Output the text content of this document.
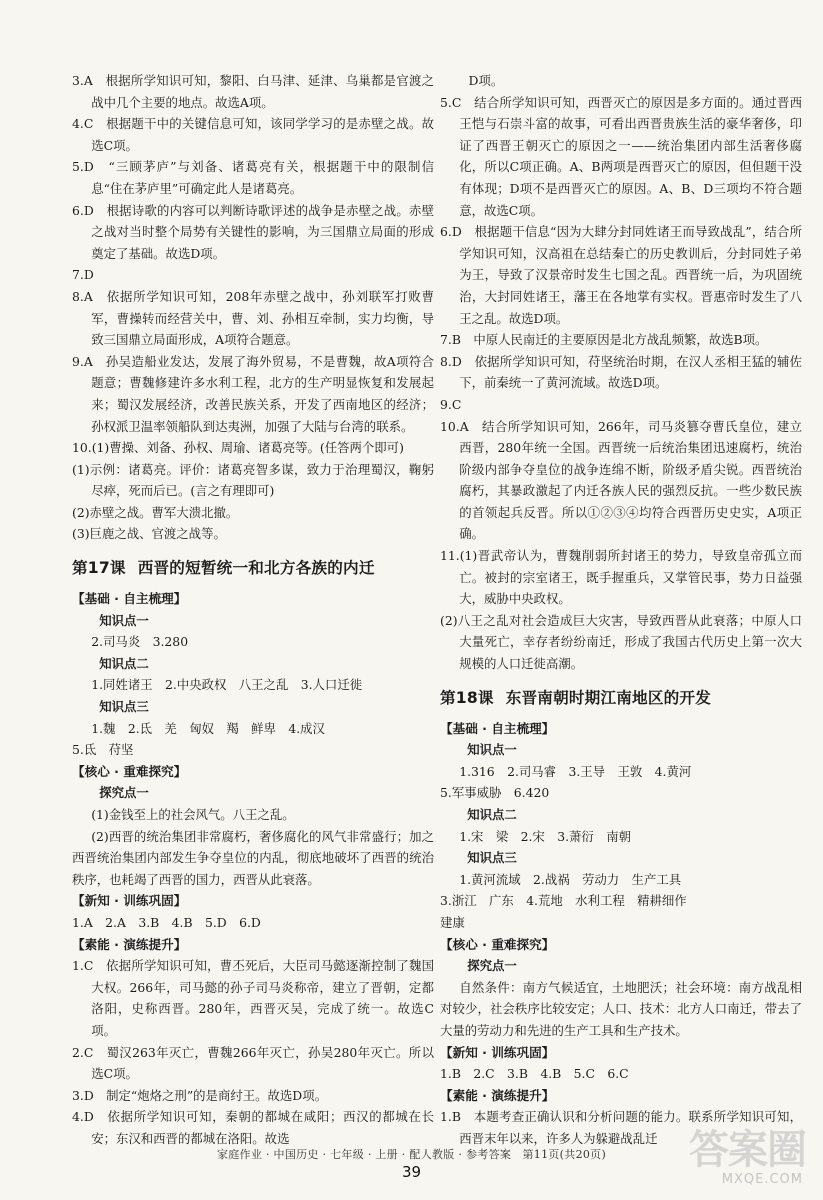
3.A　根据所学知识可知，黎阳、白马津、延津、乌巢都是官渡之战中几个主要的地点。故选A项。

4.C　根据题干中的关键信息可知，该同学学习的是赤壁之战。故选C项。

5.D　“三顾茅庐”与刘备、诸葛亮有关，根据题干中的限制信息“住在茅庐里”可确定此人是诸葛亮。

6.D　根据诗歌的内容可以判断诗歌评述的战争是赤壁之战。赤壁之战对当时整个局势有关键性的影响，为三国鼎立局面的形成奠定了基础。故选D项。

7.D

8.A　依据所学知识可知，208年赤壁之战中，孙刘联军打败曹军，曹操转而经营关中，曹、刘、孙相互牵制，实力均衡，导致三国鼎立局面形成，A项符合题意。

9.A　孙吴造船业发达，发展了海外贸易，不是曹魏，故A项符合题意；曹魏修建许多水利工程，北方的生产明显恢复和发展起来；蜀汉发展经济，改善民族关系，开发了西南地区的经济；孙权派卫温率领船队到达夷洲，加强了大陆与台湾的联系。

10.(1)曹操、刘备、孙权、周瑜、诸葛亮等。(任答两个即可)

(1)示例：诸葛亮。评价：诸葛亮智多谋，致力于治理蜀汉，鞠躬尽瘁，死而后已。(言之有理即可)

(2)赤壁之战。曹军大溃北撤。

(3)巨鹿之战、官渡之战等。

第17课 西晋的短暂统一和北方各族的内迁

【基础 · 自主梳理】

知识点一

2.司马炎　3.280

知识点二

1.同姓诸王　2.中央政权　八王之乱　3.人口迁徙

知识点三

1.魏　2.氐　羌　匈奴　羯　鲜卑　4.成汉

5.氐　苻坚

【核心 · 重难探究】

探究点一

(1)金钱至上的社会风气。八王之乱。

(2)西晋的统治集团非常腐朽，奢侈腐化的风气非常盛行；加之西晋统治集团内部发生争夺皇位的内乱，彻底地破坏了西晋的统治秩序，也耗竭了西晋的国力，西晋从此衰落。

【新知 · 训练巩固】

1.A　2.A　3.B　4.B　5.D　6.D

【素能 · 演练提升】

1.C　依据所学知识可知，曹丕死后，大臣司马懿逐渐控制了魏国大权。266年，司马懿的孙子司马炎称帝，建立了晋朝，定都洛阳，史称西晋。280年，西晋灭吴，完成了统一。故选C项。

2.C　蜀汉263年灭亡，曹魏266年灭亡，孙吴280年灭亡。所以选C项。

3.D　制定“炮烙之刑”的是商纣王。故选D项。

4.D　依据所学知识可知，秦朝的都城在咸阳；西汉的都城在长安；东汉和西晋的都城在洛阳。故选

D项。

5.C　结合所学知识可知，西晋灭亡的原因是多方面的。通过晋西王恺与石崇斗富的故事，可看出西晋贵族生活的豪华奢侈，印证了西晋王朝灭亡的原因之一——统治集团内部生活奢侈腐化，所以C项正确。A、B两项是西晋灭亡的原因，但但题干没有体现；D项不是西晋灭亡的原因。A、B、D三项均不符合题意，故选C项。

6.D　根据题干信息“因为大肆分封同姓诸王而导致战乱”，结合所学知识可知，汉高祖在总结秦亡的历史教训后，分封同姓子弟为王，导致了汉景帝时发生七国之乱。西晋统一后，为巩固统治，大封同姓诸王，藩王在各地掌有实权。晋惠帝时发生了八王之乱。故选D项。

7.B　中原人民南迁的主要原因是北方战乱频繁，故选B项。

8.D　依据所学知识可知，苻坚统治时期，在汉人丞相王猛的辅佐下，前秦统一了黄河流域。故选D项。

9.C

10.A　结合所学知识可知，266年，司马炎篡夺曹氏皇位，建立西晋，280年统一全国。西晋统一后统治集团迅速腐朽，统治阶级内部争夺皇位的战争连绵不断，阶级矛盾尖锐。西晋统治腐朽，其暴政激起了内迁各族人民的强烈反抗。一些少数民族的首领起兵反晋。所以①②③④均符合西晋历史史实，A项正确。

11.(1)晋武帝认为，曹魏削弱所封诸王的势力，导致皇帝孤立而亡。被封的宗室诸王，既手握重兵，又掌管民事，势力日益强大，威胁中央政权。

(2)八王之乱对社会造成巨大灾害，导致西晋从此衰落；中原人口大量死亡，幸存者纷纷南迁，形成了我国古代历史上第一次大规模的人口迁徙高潮。

第18课 东晋南朝时期江南地区的开发

【基础 · 自主梳理】

知识点一

1.316　2.司马睿　3.王导　王敦　4.黄河

5.军事威胁　6.420

知识点二

1.宋　梁　2.宋　3.萧衍　南朝

知识点三

1.黄河流域　2.战祸　劳动力　生产工具

3.浙江　广东　4.荒地　水利工程　精耕细作

建康

【核心 · 重难探究】

探究点一

自然条件：南方气候适宜，土地肥沃；社会环境：南方战乱相对较少，社会秩序比较安定；人口、技术：北方人口南迁，带去了大量的劳动力和先进的生产工具和生产技术。

【新知 · 训练巩固】

1.B　2.C　3.B　4.B　5.C　6.C

【素能 · 演练提升】

1.B　本题考查正确认识和分析问题的能力。联系所学知识可知，西晋末年以来，许多人为躲避战乱迁

家庭作业 · 中国历史 · 七年级 · 上册 · 配人教版 · 参考答案　第11页(共20页)
39	答案圈
MXQE.COM
